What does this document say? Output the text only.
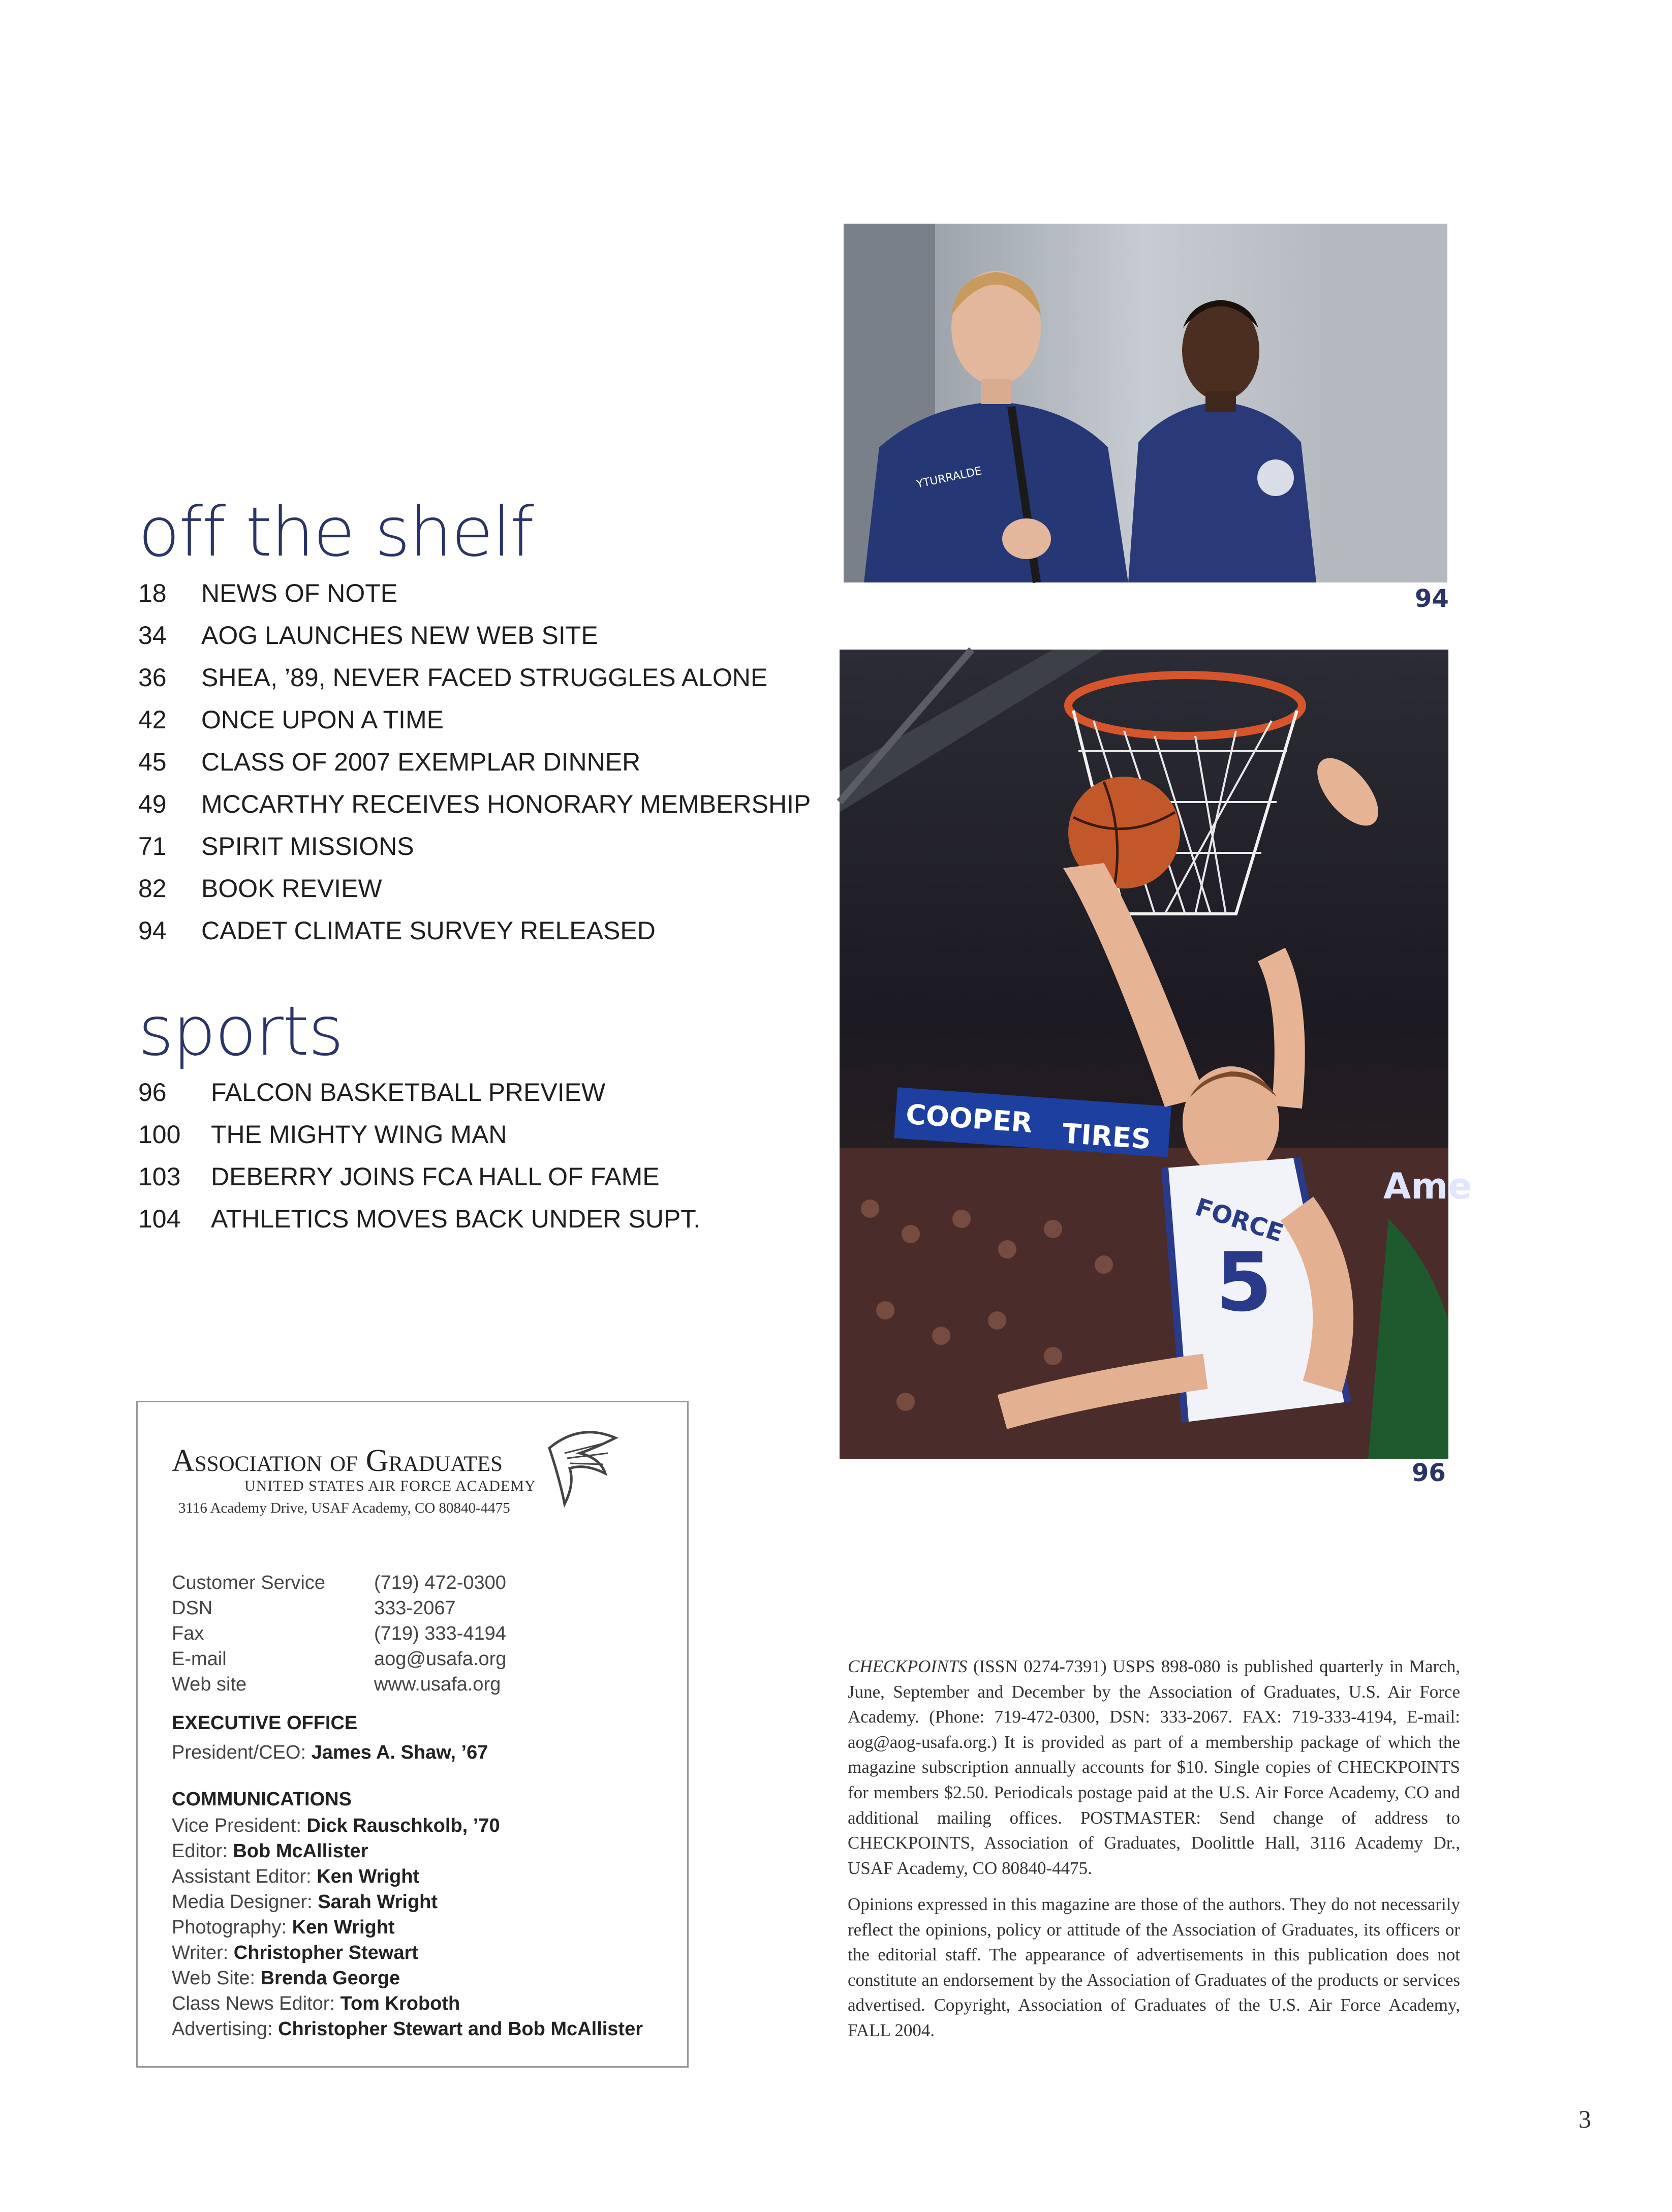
off the shelf
18 NEWS OF NOTE
34 AOG LAUNCHES NEW WEB SITE
36 SHEA, ’89, NEVER FACED STRUGGLES ALONE
42 ONCE UPON A TIME
45 CLASS OF 2007 EXEMPLAR DINNER
49 MCCARTHY RECEIVES HONORARY MEMBERSHIP
71 SPIRIT MISSIONS
82 BOOK REVIEW
94 CADET CLIMATE SURVEY RELEASED
sports
96 FALCON BASKETBALL PREVIEW
100 THE MIGHTY WING MAN
103 DEBERRY JOINS FCA HALL OF FAME
104 ATHLETICS MOVES BACK UNDER SUPT.
YTURRALDE
94
COOPER TIRES
Ame
5
FORCE
96
Association of Graduates
UNITED STATES AIR FORCE ACADEMY
3116 Academy Drive, USAF Academy, CO 80840-4475
Customer Service	(719) 472-0300
DSN	333-2067
Fax	(719) 333-4194
E-mail	aog@usafa.org
Web site	www.usafa.org
EXECUTIVE OFFICE
President/CEO: James A. Shaw, ’67
COMMUNICATIONS
Vice President: Dick Rauschkolb, ’70
Editor: Bob McAllister
Assistant Editor: Ken Wright
Media Designer: Sarah Wright
Photography: Ken Wright
Writer: Christopher Stewart
Web Site: Brenda George
Class News Editor: Tom Kroboth
Advertising: Christopher Stewart and Bob McAllister

CHECKPOINTS (ISSN 0274-7391) USPS 898-080 is published quarterly in March, June, September and December by the Association of Graduates, U.S. Air Force Academy. (Phone: 719-472-0300, DSN: 333-2067. FAX: 719-333-4194, E-mail: aog@aog-usafa.org.) It is provided as part of a membership package of which the magazine subscription annually accounts for $10. Single copies of CHECKPOINTS for members $2.50. Periodicals postage paid at the U.S. Air Force Academy, CO and additional mailing offices. POSTMASTER: Send change of address to CHECKPOINTS, Association of Graduates, Doolittle Hall, 3116 Academy Dr., USAF Academy, CO 80840-4475.

Opinions expressed in this magazine are those of the authors. They do not necessarily reflect the opinions, policy or attitude of the Association of Graduates, its officers or the editorial staff. The appearance of advertisements in this publication does not constitute an endorsement by the Association of Graduates of the products or services advertised. Copyright, Association of Graduates of the U.S. Air Force Academy, FALL 2004.

3
